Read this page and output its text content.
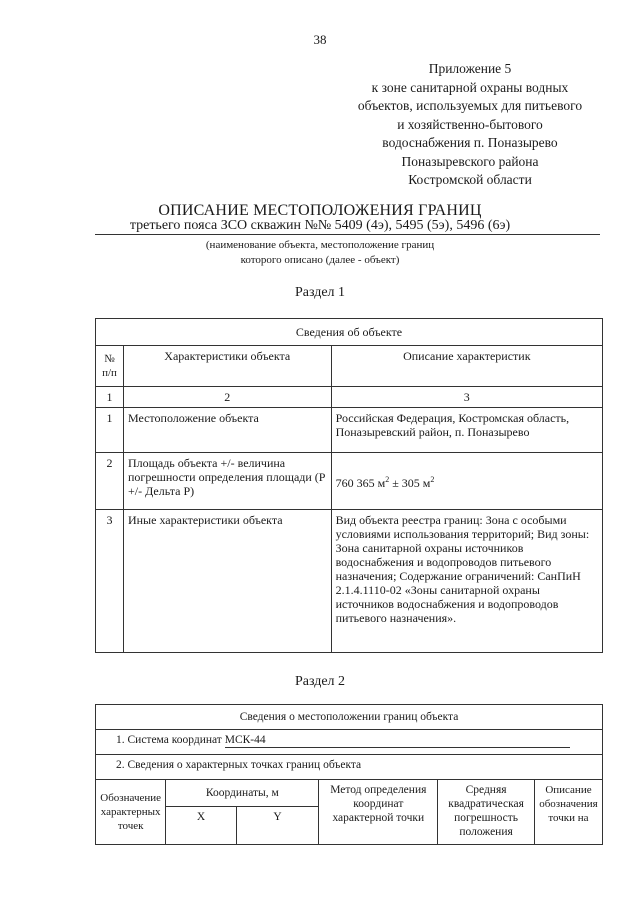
38
Приложение 5
к зоне санитарной охраны водных
объектов, используемых для питьевого
и хозяйственно-бытового
водоснабжения п. Поназырево
Поназыревского района
Костромской области
ОПИСАНИЕ МЕСТОПОЛОЖЕНИЯ ГРАНИЦ
третьего пояса ЗСО скважин №№ 5409 (4э), 5495 (5э), 5496 (6э)
(наименование объекта, местоположение границ
которого описано (далее - объект)
Раздел 1
Сведения об объекте		
№ п/п	Характеристики объекта	Описание характеристик
1	2	3
1	Местоположение объекта	Российская Федерация, Костромская область, Поназыревский район, п. Поназырево
2	Площадь объекта +/- величина погрешности определения площади (Р +/- Дельта Р)	760 365 $м^2 \pm 305$ $м^2$
3	Иные характеристики объекта	Вид объекта реестра границ: Зона с особыми условиями использования территорий; Вид зоны: Зона санитарной охраны источников водоснабжения и водопроводов питьевого назначения; Содержание ограничений: СанПиН 2.1.4.1110-02 «Зоны санитарной охраны источников водоснабжения и водопроводов питьевого назначения».
Раздел 2
Сведения о местоположении границ объекта					
1. Система координат МСК-44					
2. Сведения о характерных точках границ объекта					
Обозначение характерных точек	Координаты, м		Метод определения координат характерной точки	Средняя квадратическая погрешность положения	Описание обозначения точки на
	X	Y			
